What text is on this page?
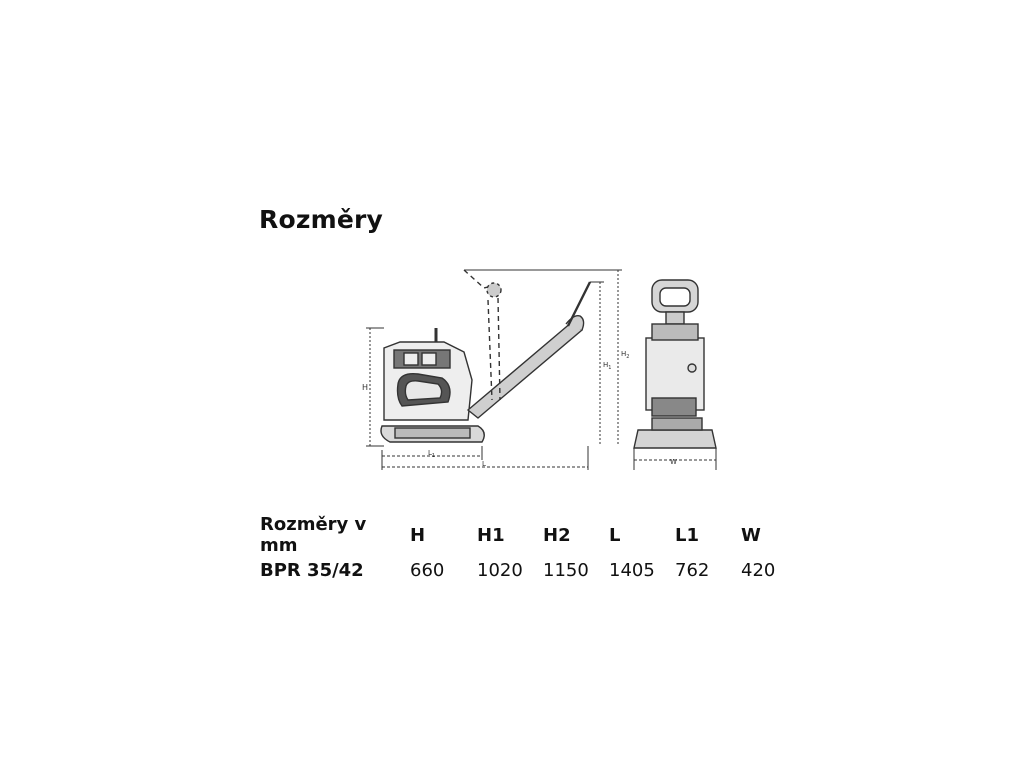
Rozměry
H
$H_1$
$H_2$
$L_1$
L	W
Rozměry v mm	H	H1	H2	L	L1	W
BPR 35/42	660	1020	1150	1405	762	420
